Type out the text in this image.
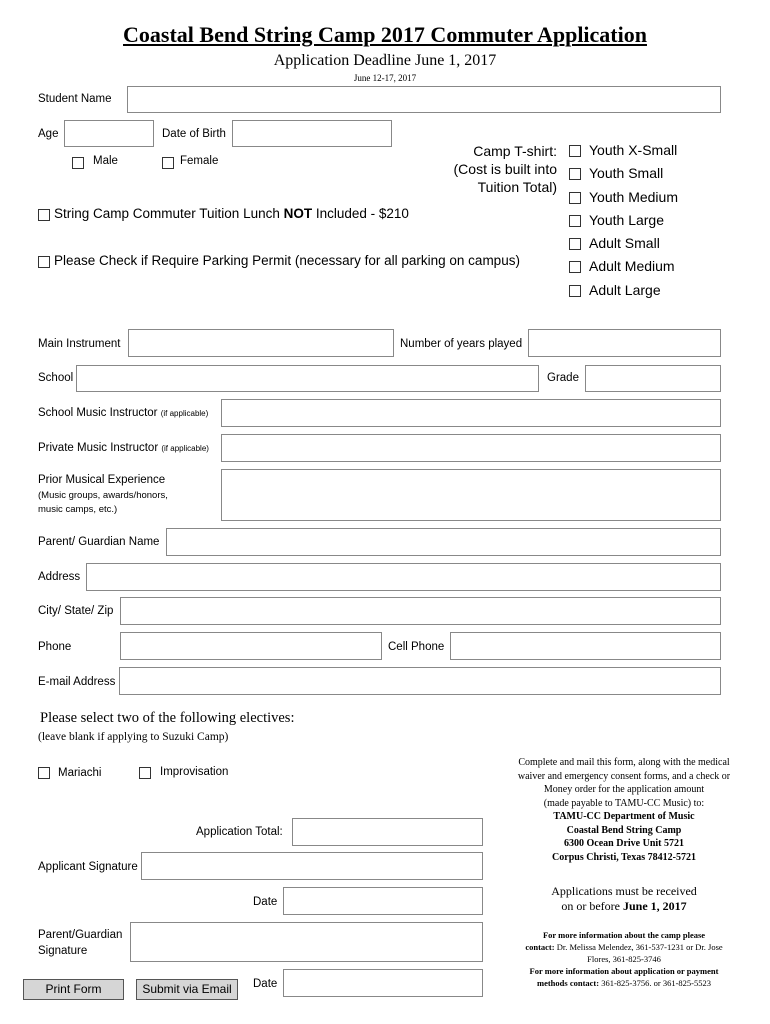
Coastal Bend String Camp 2017 Commuter Application
Application Deadline June 1, 2017
June 12-17, 2017
Student Name
Age	Date of Birth
Male	Female
Camp T-shirt:
(Cost is built into
Tuition Total)
Youth X-Small
Youth Small
Youth Medium
Youth Large
Adult Small
Adult Medium
Adult Large
String Camp Commuter Tuition Lunch NOT Included - $210
Please Check if Require Parking Permit (necessary for all parking on campus)
Main Instrument	Number of years played
School	Grade
School Music Instructor (if applicable)
Private Music Instructor (if applicable)
Prior Musical Experience
(Music groups, awards/honors,
music camps, etc.)
Parent/ Guardian Name
Address
City/ State/ Zip
Phone	Cell Phone
E-mail Address
Please select two of the following electives:
(leave blank if applying to Suzuki Camp)
Mariachi	Improvisation
Application Total:
Applicant Signature
Date
Parent/Guardian
Signature
Print Form	Submit via Email	Date
Complete and mail this form, along with the medical
waiver and emergency consent forms, and a check or
Money order for the application amount
(made payable to TAMU-CC Music) to:
TAMU-CC Department of Music
Coastal Bend String Camp
6300 Ocean Drive Unit 5721
Corpus Christi, Texas 78412-5721
Applications must be received
on or before June 1, 2017
For more information about the camp please
contact: Dr. Melissa Melendez, 361-537-1231 or Dr. Jose
Flores, 361-825-3746
For more information about application or payment
methods contact: 361-825-3756. or 361-825-5523
